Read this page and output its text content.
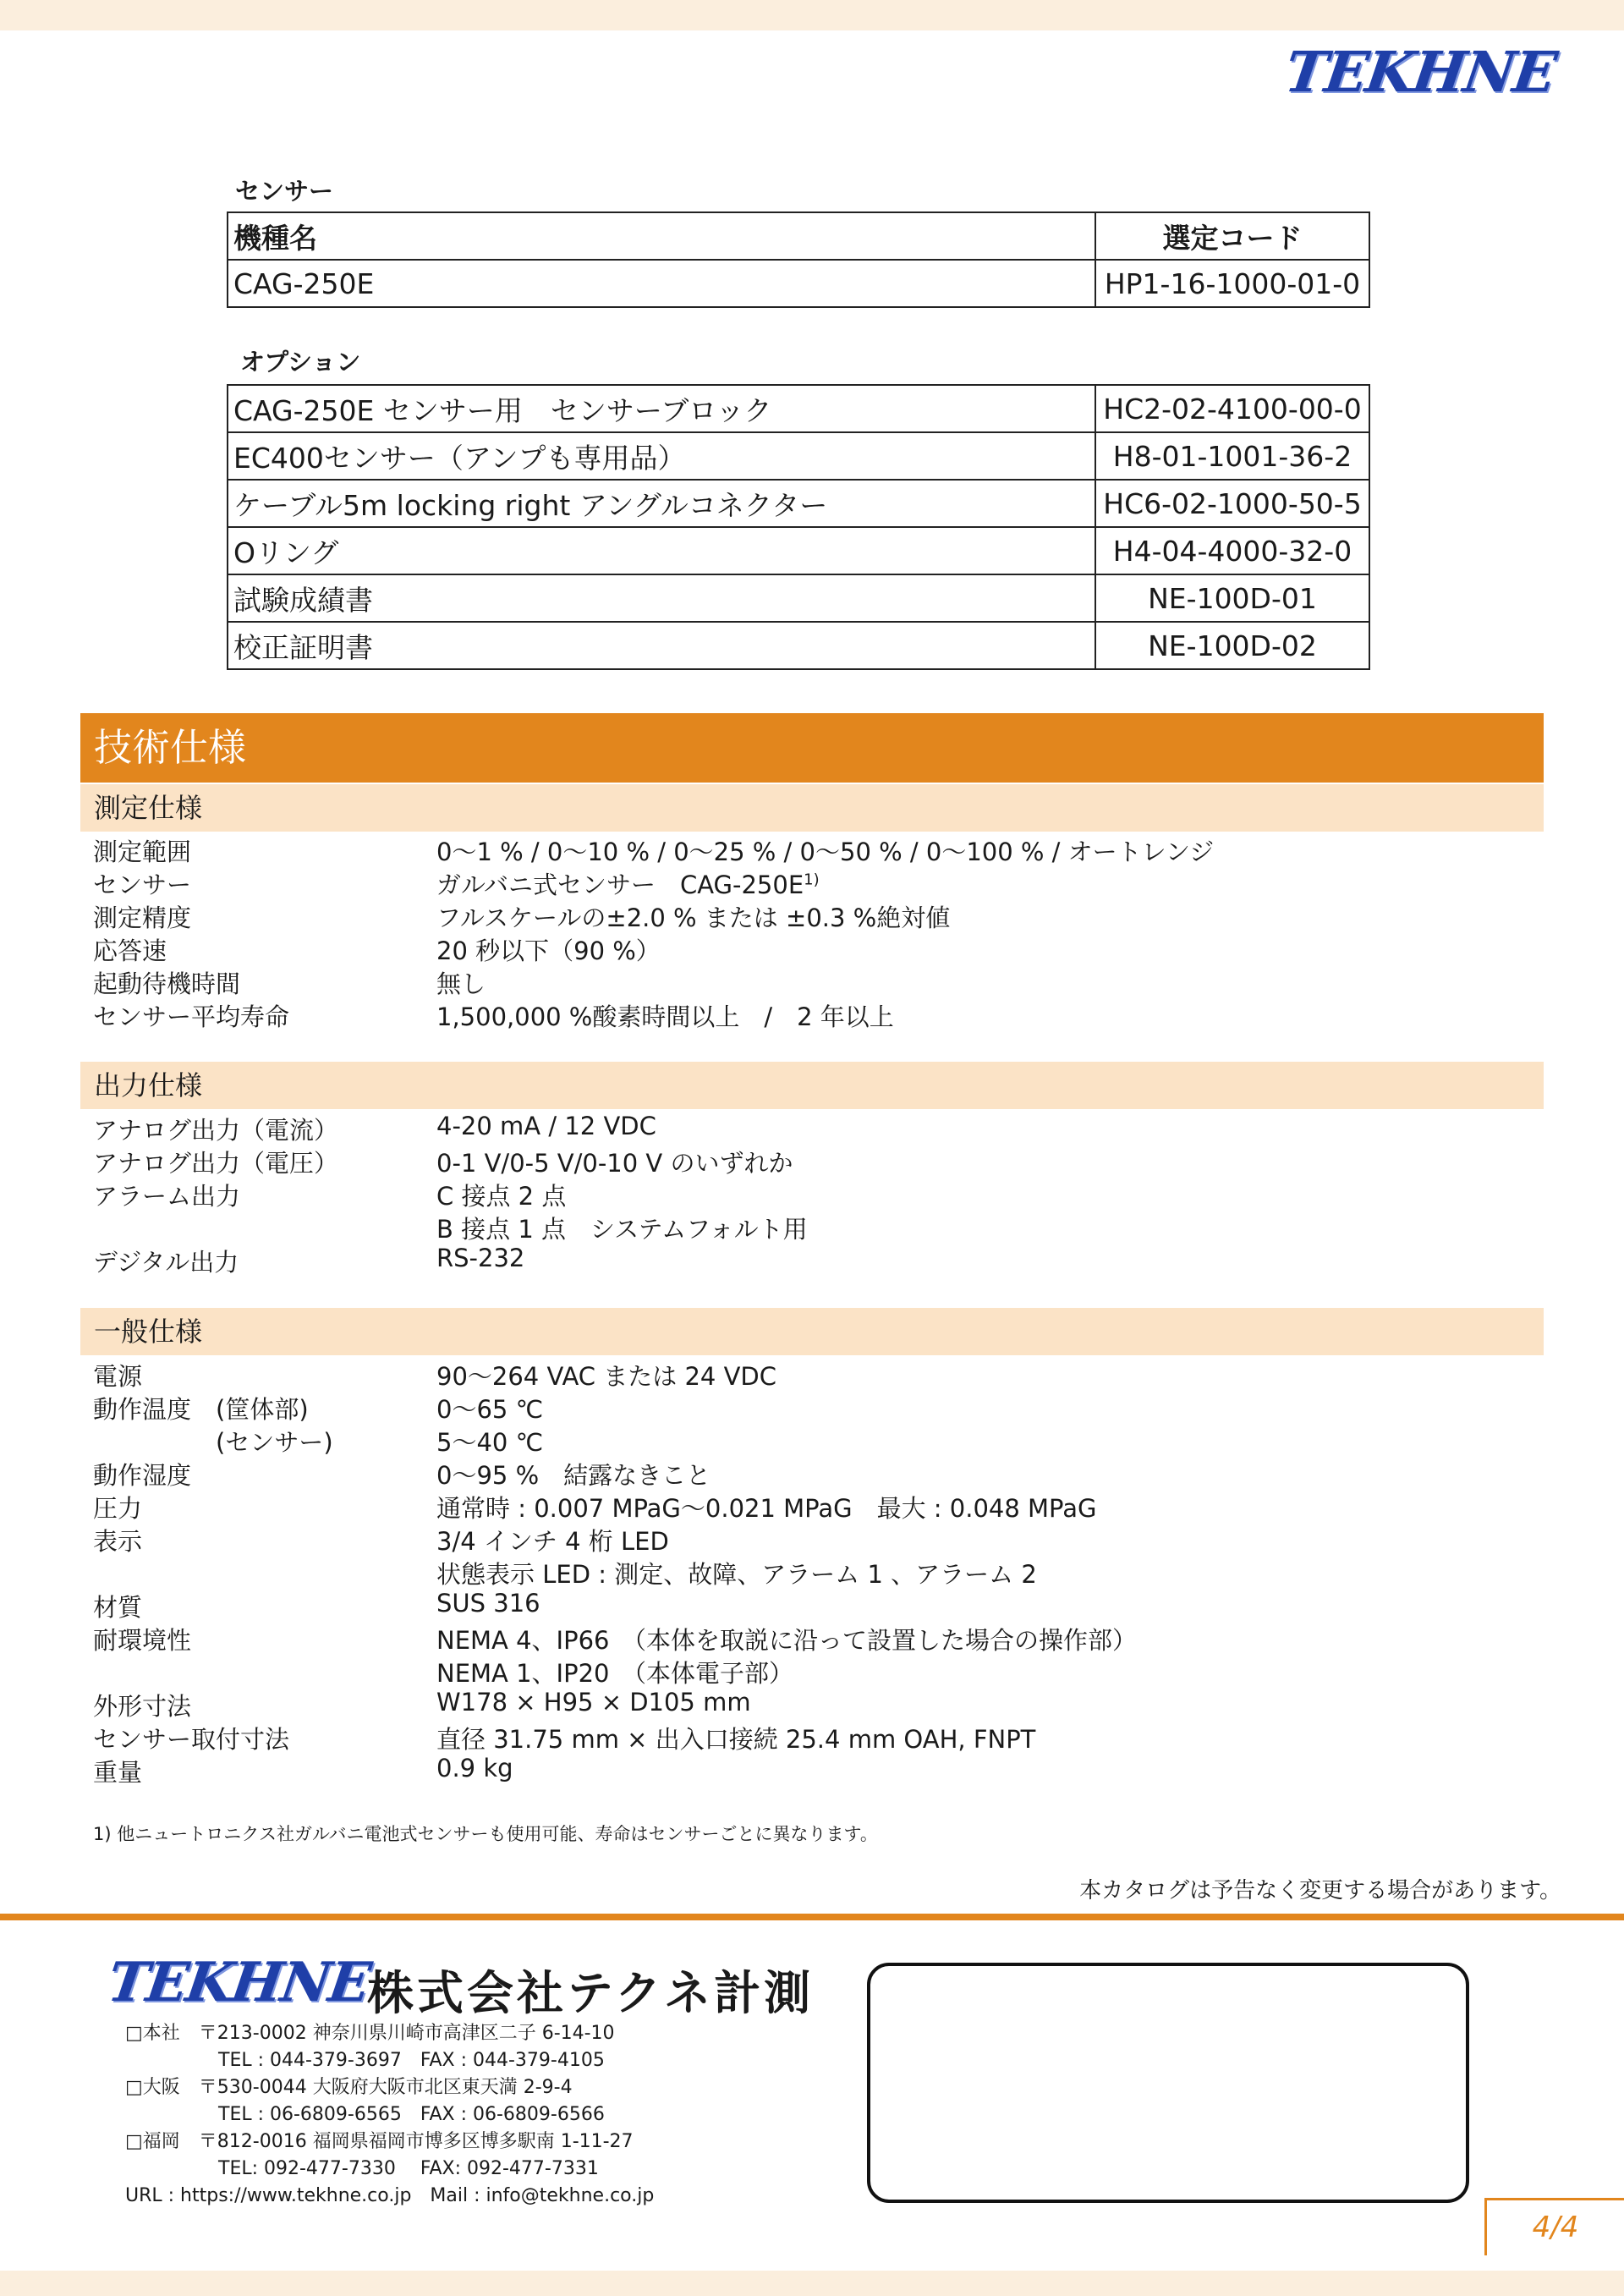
TEKHNE
センサー
機種名	選定コード
CAG-250E	HP1-16-1000-01-0
オプション
CAG-250E センサー用　センサーブロック	HC2-02-4100-00-0
EC400センサー（アンプも専用品）	H8-01-1001-36-2
ケーブル5m locking right アングルコネクター	HC6-02-1000-50-5
Oリング	H4-04-4000-32-0
試験成績書	NE-100D-01
校正証明書	NE-100D-02
技術仕様
測定仕様
測定範囲	0～1 % / 0～10 % / 0～25 % / 0～50 % / 0～100 % / オートレンジ
センサー	ガルバニ式センサー　CAG-$250E^{1)}$
測定精度	フルスケールの±2.0 % または ±0.3 %絶対値
応答速	20 秒以下（90 %）
起動待機時間	無し
センサー平均寿命	1,500,000 %酸素時間以上　/　2 年以上
出力仕様
アナログ出力（電流）	4-20 mA / 12 VDC
アナログ出力（電圧）	0-1 V/0-5 V/0-10 V のいずれか
アラーム出力	C 接点 2 点
B 接点 1 点　システムフォルト用
デジタル出力	RS-232
一般仕様
電源	90～264 VAC または 24 VDC
動作温度　(筐体部)	0～65 ℃
　　　　　(センサー)	5～40 ℃
動作湿度	0～95 %　結露なきこと
圧力	通常時 : 0.007 MPaG～0.021 MPaG　最大 : 0.048 MPaG
表示	3/4 インチ 4 桁 LED
状態表示 LED : 測定、故障、アラーム 1 、アラーム 2
材質	SUS 316
耐環境性	NEMA 4、IP66　（本体を取説に沿って設置した場合の操作部）
NEMA 1、IP20　（本体電子部）
外形寸法	W178 × H95 × D105 mm
センサー取付寸法	直径 31.75 mm × 出入口接続 25.4 mm OAH, FNPT
重量	0.9 kg
1) 他ニュートロニクス社ガルバニ電池式センサーも使用可能、寿命はセンサーごとに異なります。
本カタログは予告なく変更する場合があります。
TEKHNE
株式会社テクネ計測
□本社　〒213-0002 神奈川県川崎市高津区二子 6-14-10
　　　　　TEL : 044-379-3697　FAX : 044-379-4105
□大阪　〒530-0044 大阪府大阪市北区東天満 2-9-4
　　　　　TEL : 06-6809-6565　FAX : 06-6809-6566
□福岡　〒812-0016 福岡県福岡市博多区博多駅南 1-11-27
　　　　　TEL: 092-477-7330　 FAX: 092-477-7331
URL : https://www.tekhne.co.jp　Mail : info@tekhne.co.jp
4/4
